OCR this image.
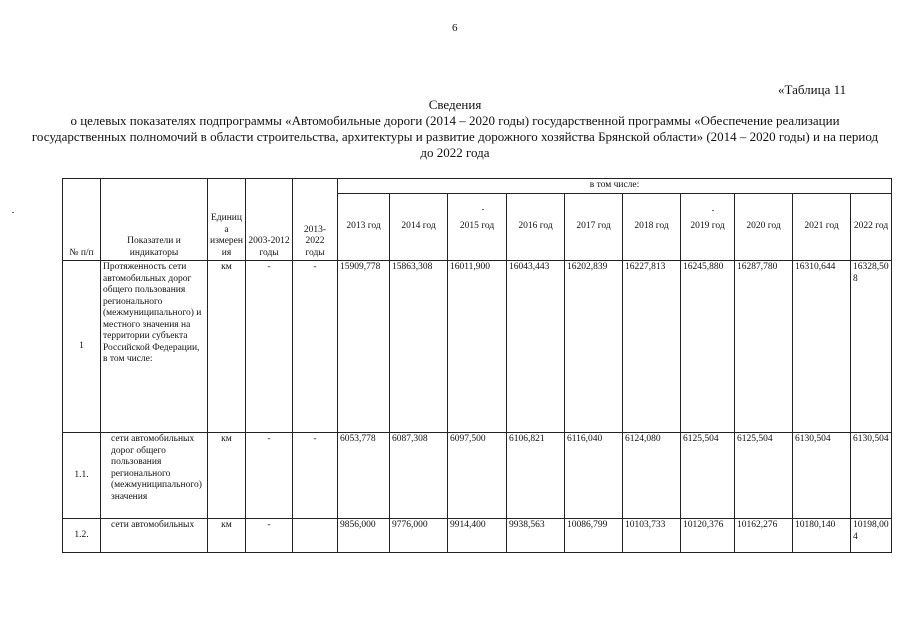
6
«Таблица 11
Сведения
о целевых показателях подпрограммы «Автомобильные дороги (2014 – 2020 годы) государственной программы «Обеспечение реализации государственных полномочий в области строительства, архитектуры и развитие дорожного хозяйства Брянской области» (2014 – 2020 годы) и на период до 2022 года
№ п/п	Показатели и индикаторы	Единица измерения	2003-2012 годы	2013-2022 годы	в том числе:									
					2013 год	2014 год	2015 год	2016 год	2017 год	2018 год	2019 год	2020 год	2021 год	2022 год
1	Протяженность сети автомобильных дорог общего пользования регионального (межмуниципального) и местного значения на территории субъекта Российской Федерации, в том числе:	км	-	-	15909,778	15863,308	16011,900	16043,443	16202,839	16227,813	16245,880	16287,780	16310,644	16328,508
1.1.	сети автомобильных дорог общего пользования регионального (межмуниципального) значения	км	-	-	6053,778	6087,308	6097,500	6106,821	6116,040	6124,080	6125,504	6125,504	6130,504	6130,504
1.2.	сети автомобильных	км	-		9856,000	9776,000	9914,400	9938,563	10086,799	10103,733	10120,376	10162,276	10180,140	10198,004
